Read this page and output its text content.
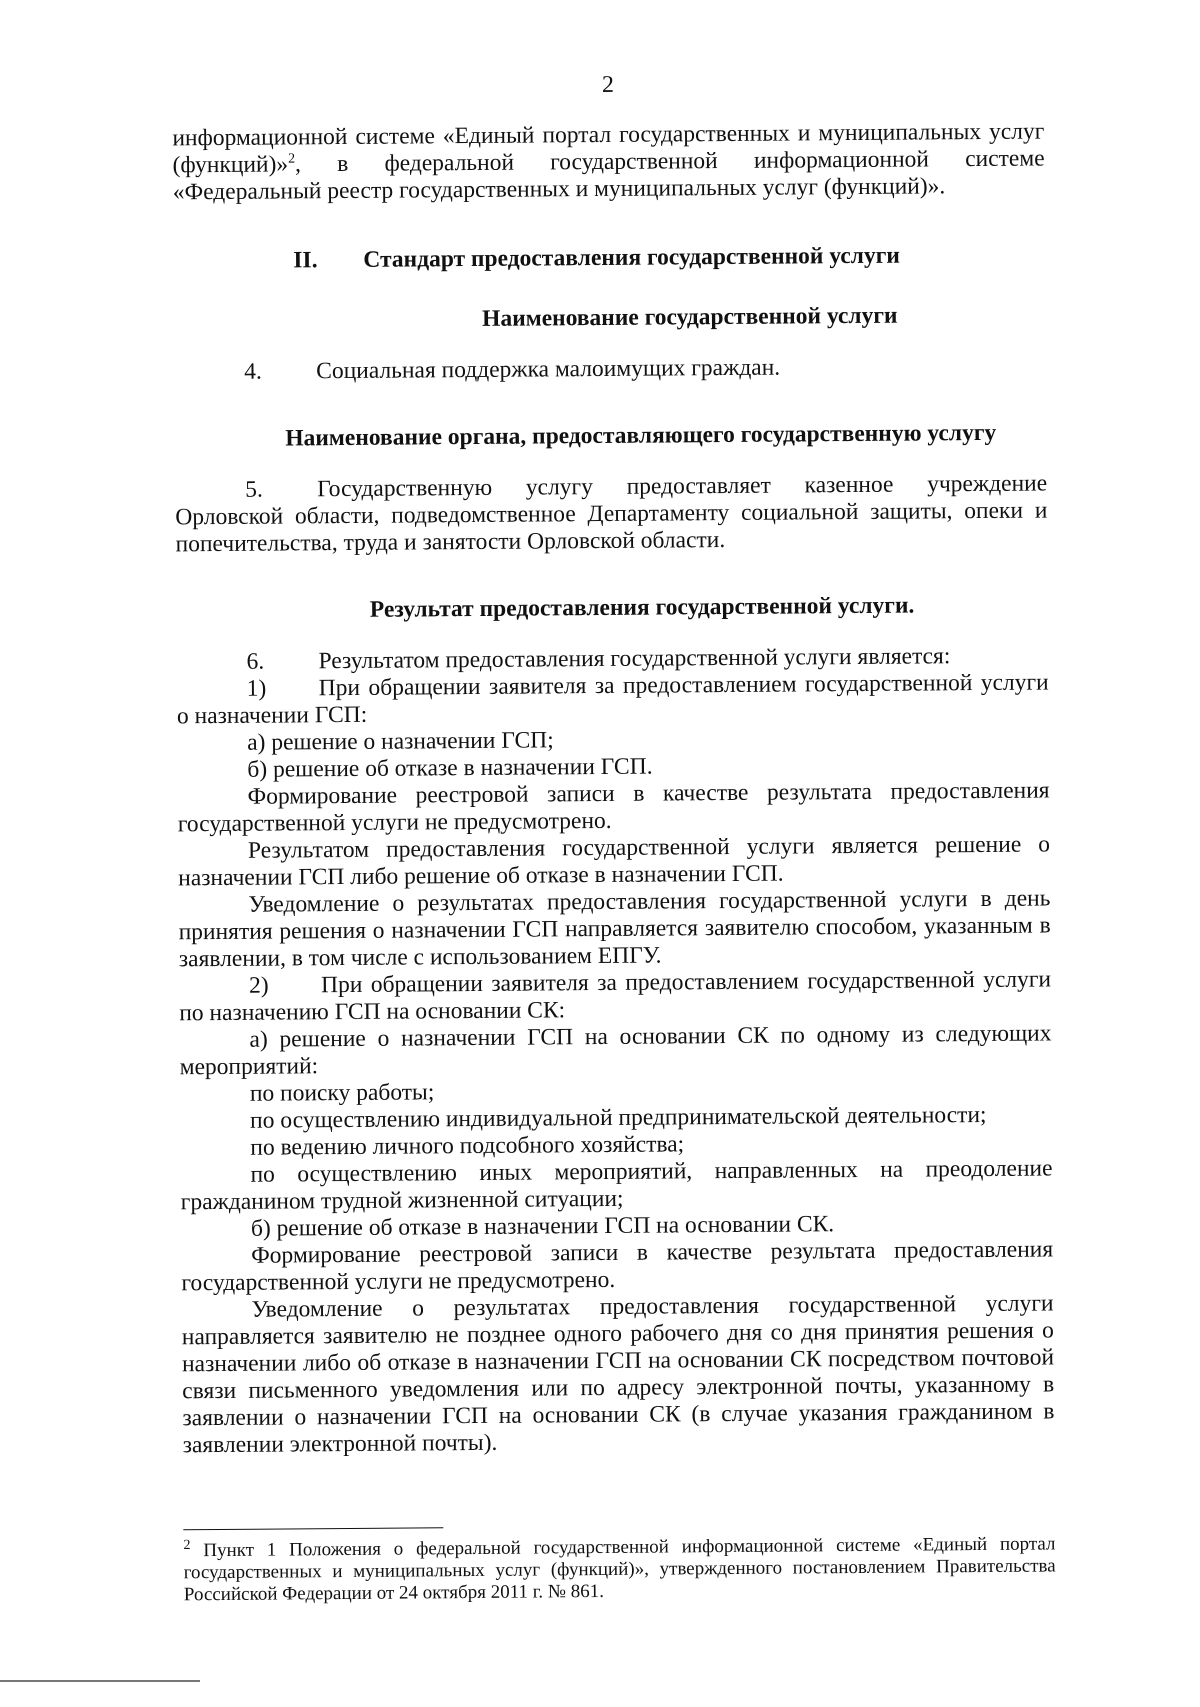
2

информационной системе «Единый портал государственных и муниципальных услуг (функций)»$^2$, в федеральной государственной информационной системе «Федеральный реестр государственных и муниципальных услуг (функций)».

II. Стандарт предоставления государственной услуги
Наименование государственной услуги

4. Социальная поддержка малоимущих граждан.

Наименование органа, предоставляющего государственную услугу

5. Государственную услугу предоставляет казенное учреждение Орловской области, подведомственное Департаменту социальной защиты, опеки и попечительства, труда и занятости Орловской области.

Результат предоставления государственной услуги.

6. Результатом предоставления государственной услуги является:

1) При обращении заявителя за предоставлением государственной услуги о назначении ГСП:

а) решение о назначении ГСП;

б) решение об отказе в назначении ГСП.

Формирование реестровой записи в качестве результата предоставления государственной услуги не предусмотрено.

Результатом предоставления государственной услуги является решение о назначении ГСП либо решение об отказе в назначении ГСП.

Уведомление о результатах предоставления государственной услуги в день принятия решения о назначении ГСП направляется заявителю способом, указанным в заявлении, в том числе с использованием ЕПГУ.

2) При обращении заявителя за предоставлением государственной услуги по назначению ГСП на основании СК:

а) решение о назначении ГСП на основании СК по одному из следующих мероприятий:

по поиску работы;

по осуществлению индивидуальной предпринимательской деятельности;

по ведению личного подсобного хозяйства;

по осуществлению иных мероприятий, направленных на преодоление гражданином трудной жизненной ситуации;

б) решение об отказе в назначении ГСП на основании СК.

Формирование реестровой записи в качестве результата предоставления государственной услуги не предусмотрено.

Уведомление о результатах предоставления государственной услуги направляется заявителю не позднее одного рабочего дня со дня принятия решения о назначении либо об отказе в назначении ГСП на основании СК посредством почтовой связи письменного уведомления или по адресу электронной почты, указанному в заявлении о назначении ГСП на основании СК (в случае указания гражданином в заявлении электронной почты).

$^2$ Пункт 1 Положения о федеральной государственной информационной системе «Единый портал государственных и муниципальных услуг (функций)», утвержденного постановлением Правительства Российской Федерации от 24 октября 2011 г. № 861.
